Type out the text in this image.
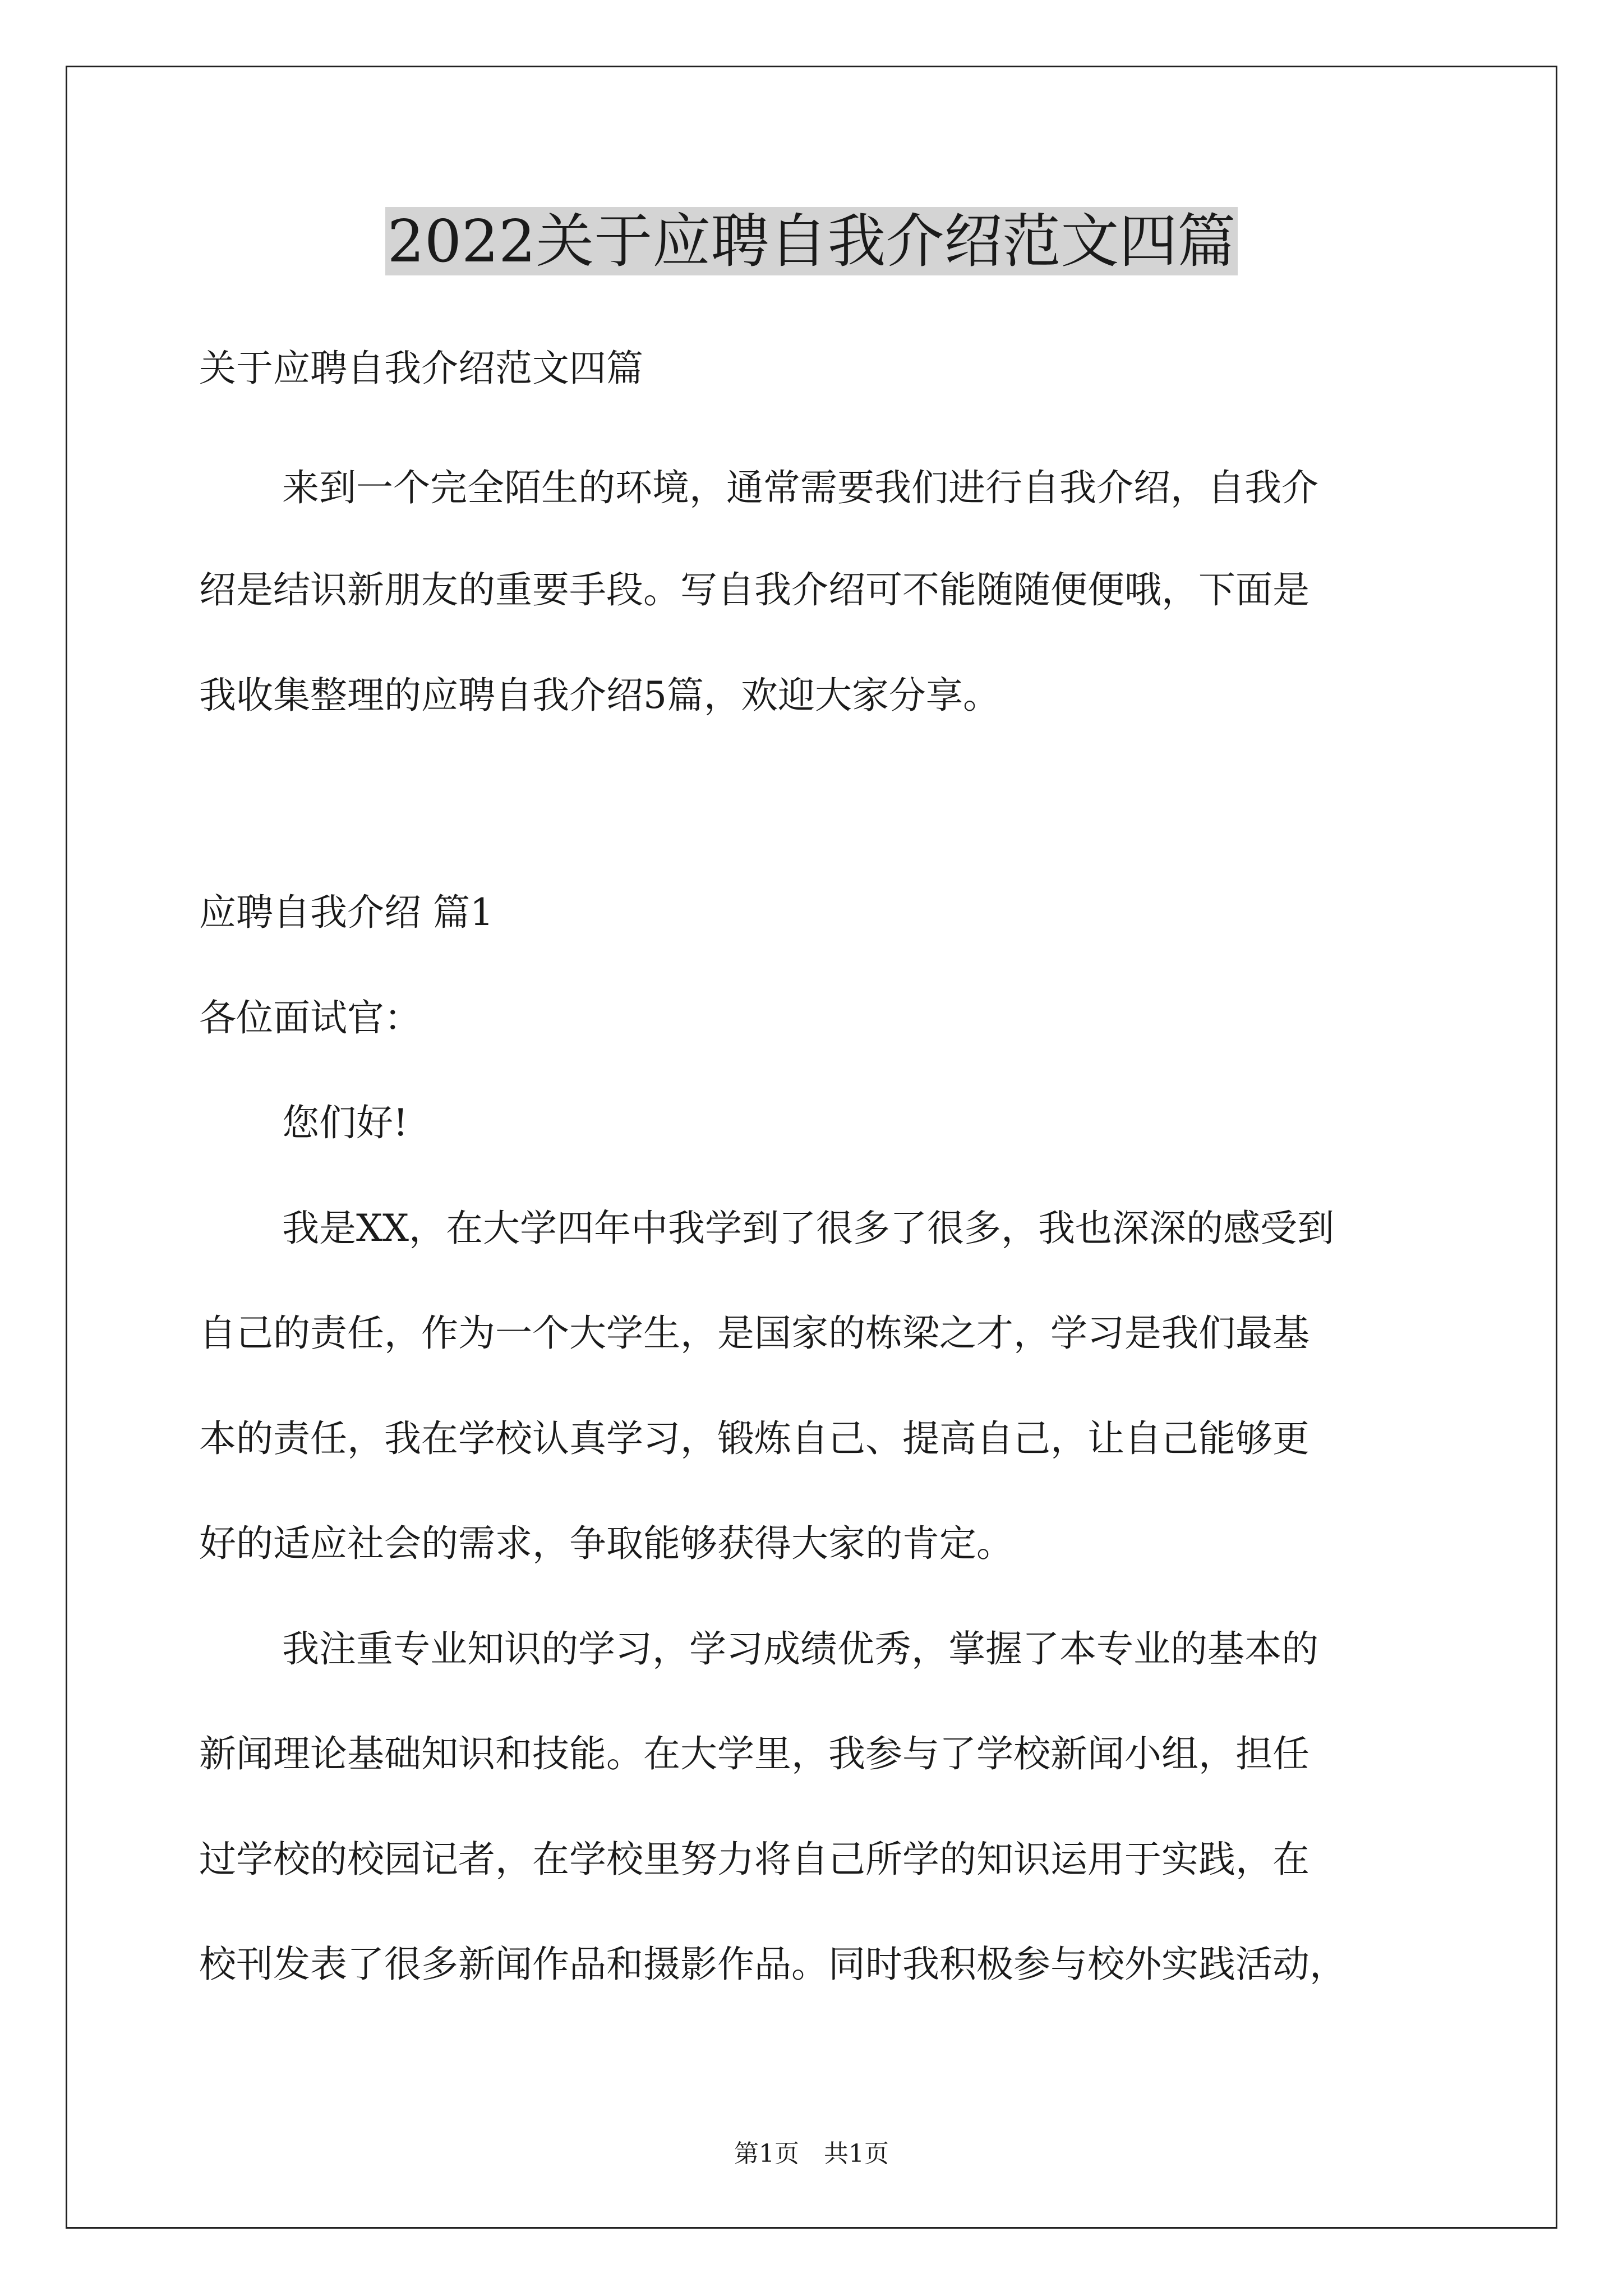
2022关于应聘自我介绍范文四篇
关于应聘自我介绍范文四篇
来到一个完全陌生的环境，通常需要我们进行自我介绍，自我介
绍是结识新朋友的重要手段。写自我介绍可不能随随便便哦，下面是
我收集整理的应聘自我介绍5篇，欢迎大家分享。
应聘自我介绍 篇1
各位面试官：
您们好!
我是XX，在大学四年中我学到了很多了很多，我也深深的感受到
自己的责任，作为一个大学生，是国家的栋梁之才，学习是我们最基
本的责任，我在学校认真学习，锻炼自己、提高自己，让自己能够更
好的适应社会的需求，争取能够获得大家的肯定。
我注重专业知识的学习，学习成绩优秀，掌握了本专业的基本的
新闻理论基础知识和技能。在大学里，我参与了学校新闻小组，担任
过学校的校园记者，在学校里努力将自己所学的知识运用于实践，在
校刊发表了很多新闻作品和摄影作品。同时我积极参与校外实践活动，
第1页　共1页
